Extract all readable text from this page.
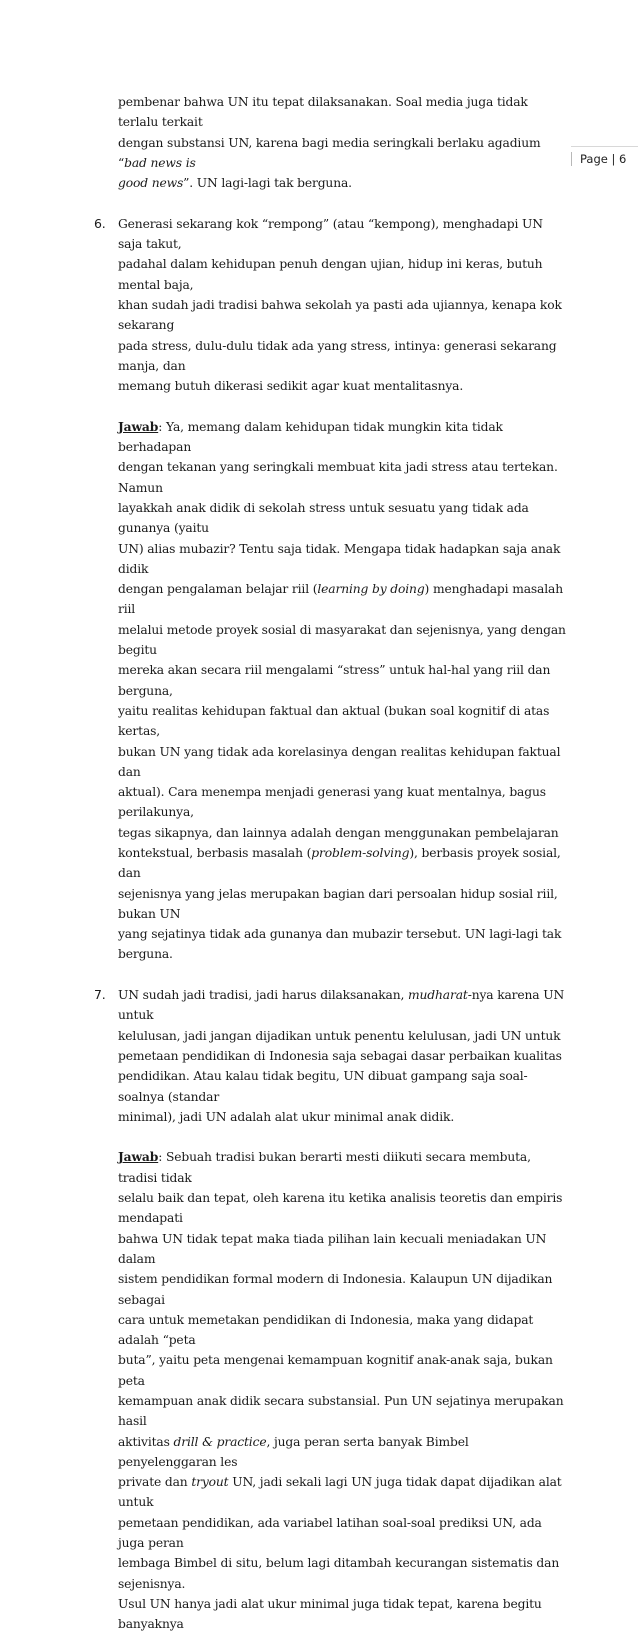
Page | 6

pembenar bahwa UN itu tepat dilaksanakan. Soal media juga tidak terlalu terkait

dengan substansi UN, karena bagi media seringkali berlaku agadium “bad news is

good news”. UN lagi-lagi tak berguna.

6. Generasi sekarang kok “rempong” (atau “kempong), menghadapi UN saja takut,

padahal dalam kehidupan penuh dengan ujian, hidup ini keras, butuh mental baja,

khan sudah jadi tradisi bahwa sekolah ya pasti ada ujiannya, kenapa kok sekarang

pada stress, dulu-dulu tidak ada yang stress, intinya: generasi sekarang manja, dan

memang butuh dikerasi sedikit agar kuat mentalitasnya.

Jawab: Ya, memang dalam kehidupan tidak mungkin kita tidak berhadapan

dengan tekanan yang seringkali membuat kita jadi stress atau tertekan. Namun

layakkah anak didik di sekolah stress untuk sesuatu yang tidak ada gunanya (yaitu

UN) alias mubazir? Tentu saja tidak. Mengapa tidak hadapkan saja anak didik

dengan pengalaman belajar riil (learning by doing) menghadapi masalah riil

melalui metode proyek sosial di masyarakat dan sejenisnya, yang dengan begitu

mereka akan secara riil mengalami “stress” untuk hal-hal yang riil dan berguna,

yaitu realitas kehidupan faktual dan aktual (bukan soal kognitif di atas kertas,

bukan UN yang tidak ada korelasinya dengan realitas kehidupan faktual dan

aktual). Cara menempa menjadi generasi yang kuat mentalnya, bagus perilakunya,

tegas sikapnya, dan lainnya adalah dengan menggunakan pembelajaran

kontekstual, berbasis masalah (problem-solving), berbasis proyek sosial, dan

sejenisnya yang jelas merupakan bagian dari persoalan hidup sosial riil, bukan UN

yang sejatinya tidak ada gunanya dan mubazir tersebut. UN lagi-lagi tak berguna.

7. UN sudah jadi tradisi, jadi harus dilaksanakan, mudharat-nya karena UN untuk

kelulusan, jadi jangan dijadikan untuk penentu kelulusan, jadi UN untuk

pemetaan pendidikan di Indonesia saja sebagai dasar perbaikan kualitas

pendidikan. Atau kalau tidak begitu, UN dibuat gampang saja soal-soalnya (standar

minimal), jadi UN adalah alat ukur minimal anak didik.

Jawab: Sebuah tradisi bukan berarti mesti diikuti secara membuta, tradisi tidak

selalu baik dan tepat, oleh karena itu ketika analisis teoretis dan empiris mendapati

bahwa UN tidak tepat maka tiada pilihan lain kecuali meniadakan UN dalam

sistem pendidikan formal modern di Indonesia. Kalaupun UN dijadikan sebagai

cara untuk memetakan pendidikan di Indonesia, maka yang didapat adalah “peta

buta”, yaitu peta mengenai kemampuan kognitif anak-anak saja, bukan peta

kemampuan anak didik secara substansial. Pun UN sejatinya merupakan hasil

aktivitas drill & practice, juga peran serta banyak Bimbel penyelenggaran les

private dan tryout UN, jadi sekali lagi UN juga tidak dapat dijadikan alat untuk

pemetaan pendidikan, ada variabel latihan soal-soal prediksi UN, ada juga peran

lembaga Bimbel di situ, belum lagi ditambah kecurangan sistematis dan sejenisnya.

Usul UN hanya jadi alat ukur minimal juga tidak tepat, karena begitu banyaknya
